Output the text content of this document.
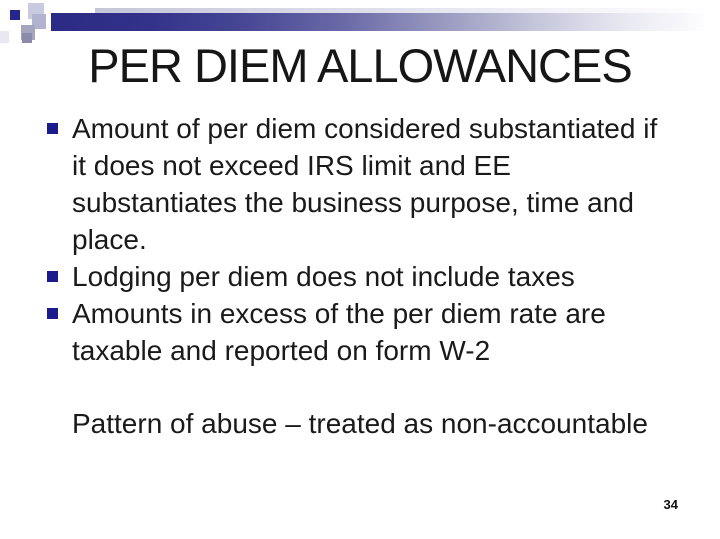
PER DIEM ALLOWANCES
Amount of per diem considered substantiated if
it does not exceed IRS limit and EE
substantiates the business purpose, time and
place.
Lodging per diem does not include taxes
Amounts in excess of the per diem rate are
taxable and reported on form W-2
Pattern of abuse – treated as non-accountable
34
